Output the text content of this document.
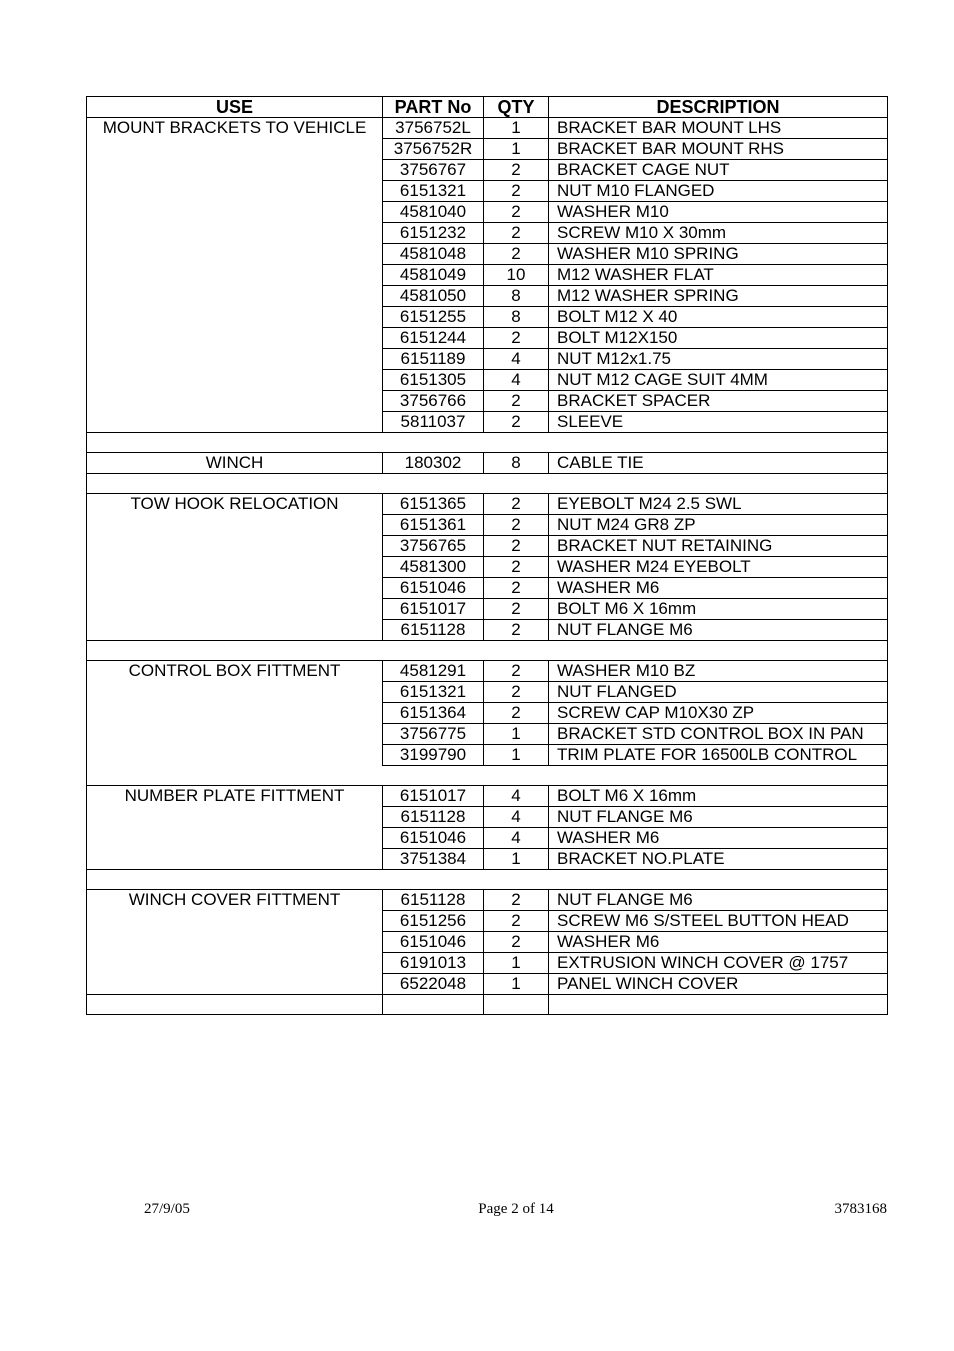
USE	PART No	QTY	DESCRIPTION
MOUNT BRACKETS TO VEHICLE	3756752L	1	BRACKET BAR MOUNT LHS
	3756752R	1	BRACKET BAR MOUNT RHS
	3756767	2	BRACKET CAGE NUT
	6151321	2	NUT M10 FLANGED
	4581040	2	WASHER M10
	6151232	2	SCREW M10 X 30mm
	4581048	2	WASHER M10 SPRING
	4581049	10	M12 WASHER FLAT
	4581050	8	M12 WASHER SPRING
	6151255	8	BOLT M12 X 40
	6151244	2	BOLT M12X150
	6151189	4	NUT M12x1.75
	6151305	4	NUT M12 CAGE SUIT 4MM
	3756766	2	BRACKET SPACER
	5811037	2	SLEEVE

WINCH	180302	8	CABLE TIE

TOW HOOK RELOCATION	6151365	2	EYEBOLT M24 2.5 SWL
	6151361	2	NUT M24 GR8 ZP
	3756765	2	BRACKET NUT RETAINING
	4581300	2	WASHER M24 EYEBOLT
	6151046	2	WASHER M6
	6151017	2	BOLT M6 X 16mm
	6151128	2	NUT FLANGE M6

CONTROL BOX FITTMENT	4581291	2	WASHER M10 BZ
	6151321	2	NUT FLANGED
	6151364	2	SCREW CAP M10X30 ZP
	3756775	1	BRACKET STD CONTROL BOX IN PAN
	3199790	1	TRIM PLATE FOR 16500LB CONTROL

NUMBER PLATE FITTMENT	6151017	4	BOLT M6 X 16mm
	6151128	4	NUT FLANGE M6
	6151046	4	WASHER M6
	3751384	1	BRACKET NO.PLATE

WINCH COVER FITTMENT	6151128	2	NUT FLANGE M6
	6151256	2	SCREW M6 S/STEEL BUTTON HEAD
	6151046	2	WASHER M6
	6191013	1	EXTRUSION WINCH COVER @ 1757
	6522048	1	PANEL WINCH COVER

27/9/05	Page 2 of 14	3783168
